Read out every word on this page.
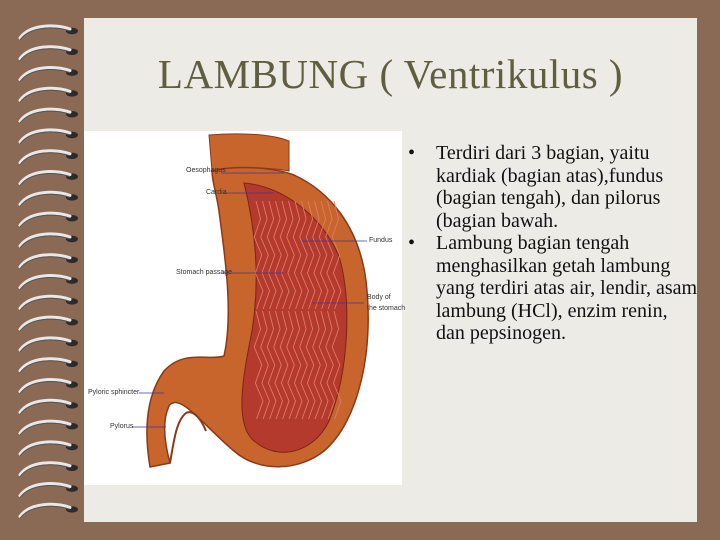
LAMBUNG ( Ventrikulus )
Oesophagus
Cardia
Stomach passage
Fundus
Body of
the stomach
Pyloric sphincter
Pylorus
• Terdiri dari 3 bagian, yaitu kardiak (bagian atas),fundus (bagian tengah), dan pilorus (bagian bawah.
• Lambung bagian tengah menghasilkan getah lambung yang terdiri atas air, lendir, asam lambung (HCl), enzim renin, dan pepsinogen.
